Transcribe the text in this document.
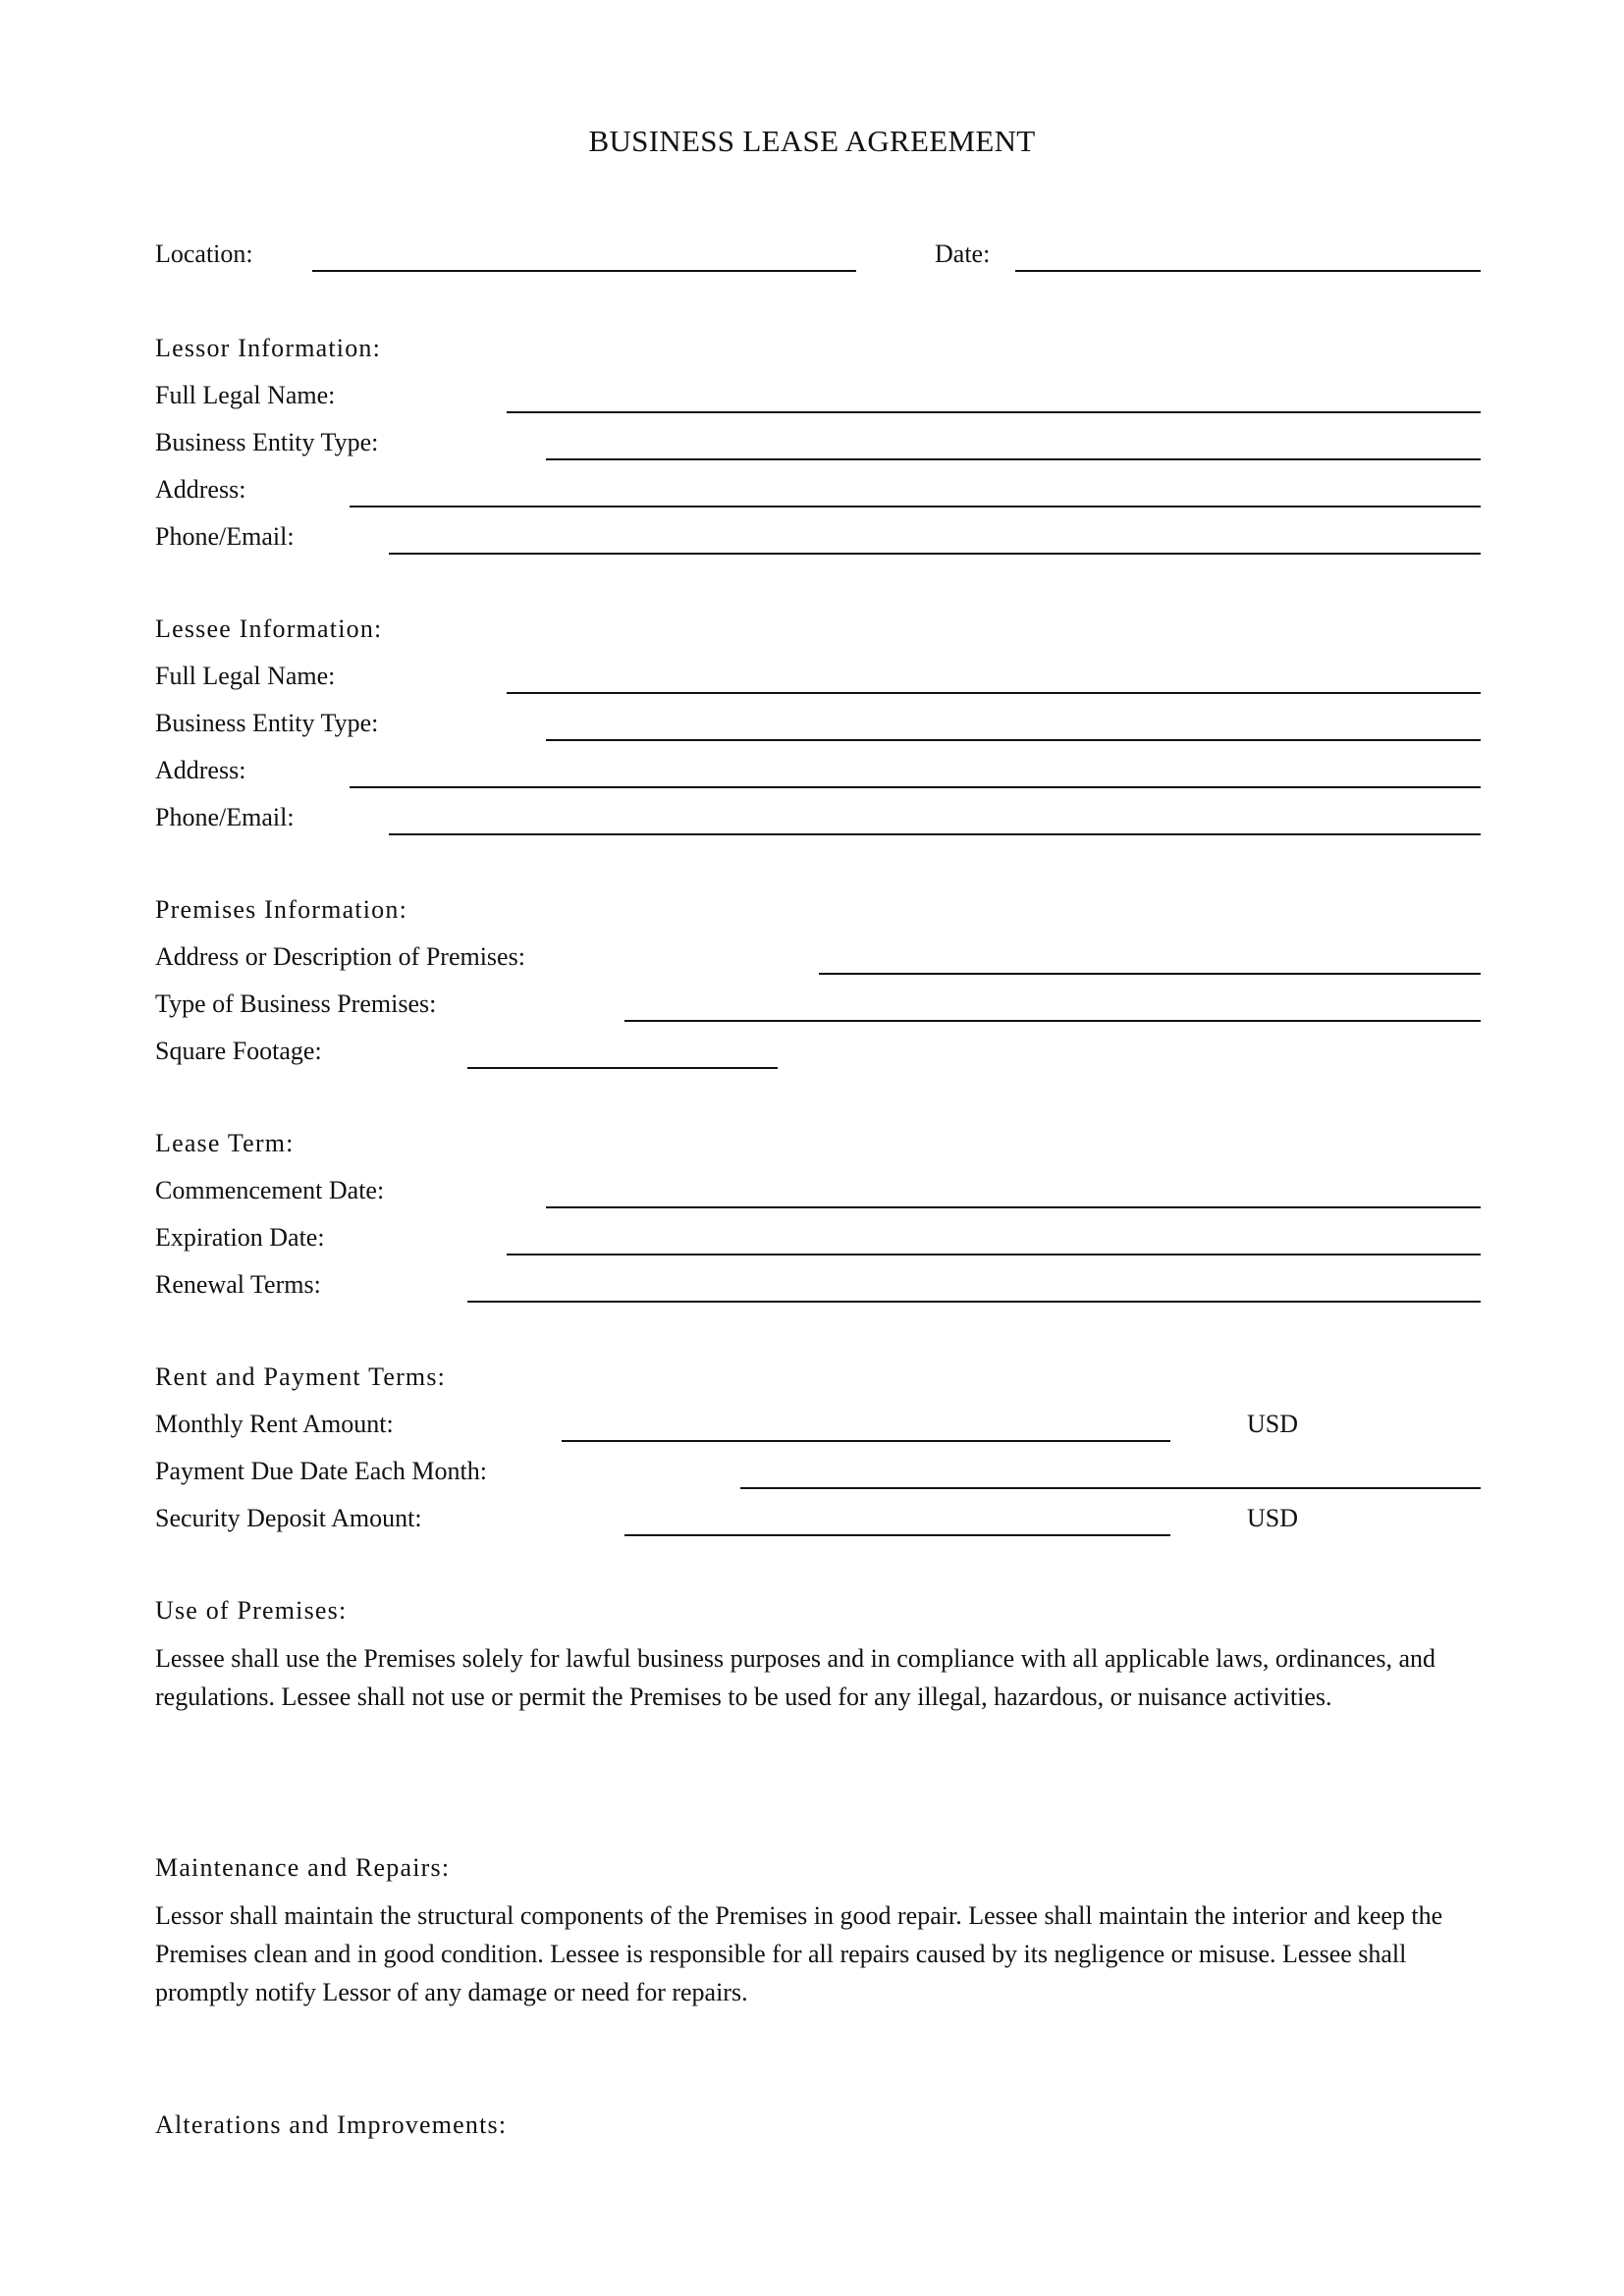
BUSINESS LEASE AGREEMENT
Location:	Date:
Lessor Information:
Full Legal Name:
Business Entity Type:
Address:
Phone/Email:
Lessee Information:
Full Legal Name:
Business Entity Type:
Address:
Phone/Email:
Premises Information:
Address or Description of Premises:
Type of Business Premises:
Square Footage:
Lease Term:
Commencement Date:
Expiration Date:
Renewal Terms:
Rent and Payment Terms:
Monthly Rent Amount:	USD
Payment Due Date Each Month:
Security Deposit Amount:	USD
Use of Premises:
Lessee shall use the Premises solely for lawful business purposes and in compliance with all applicable laws, ordinances, and regulations. Lessee shall not use or permit the Premises to be used for any illegal, hazardous, or nuisance activities.
Maintenance and Repairs:
Lessor shall maintain the structural components of the Premises in good repair. Lessee shall maintain the interior and keep the Premises clean and in good condition. Lessee is responsible for all repairs caused by its negligence or misuse. Lessee shall promptly notify Lessor of any damage or need for repairs.
Alterations and Improvements:
